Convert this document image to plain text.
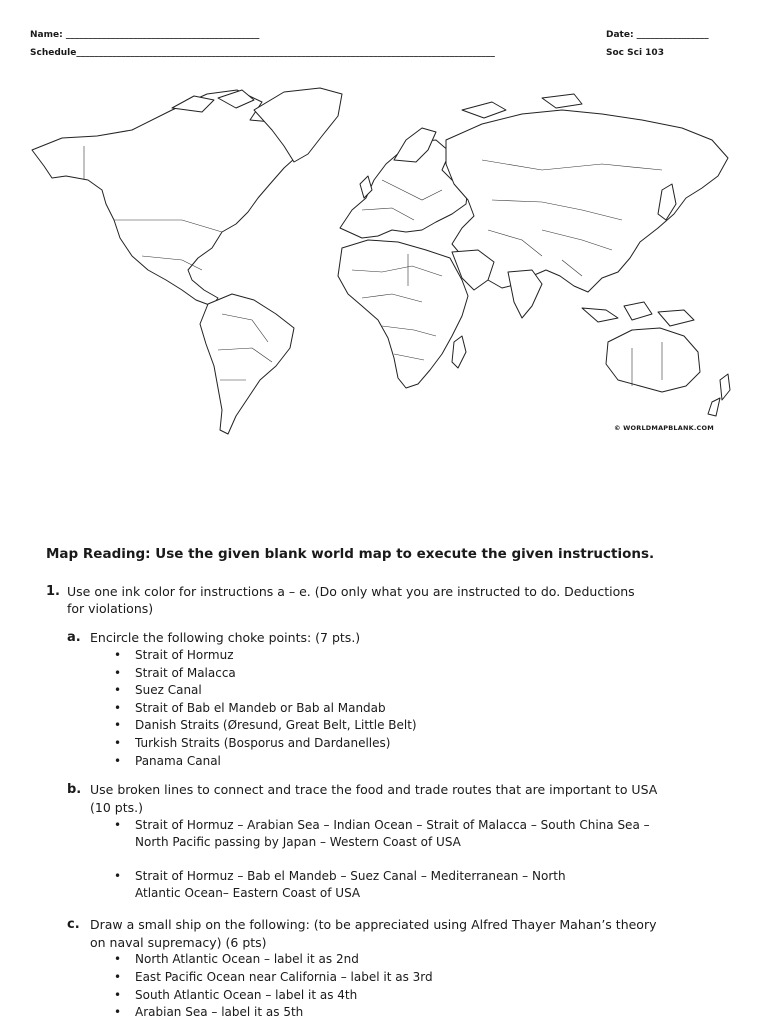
Name: ___________________________________________	Date: ________________
Schedule_____________________________________________________________________________________________	Soc Sci 103
© WORLDMAPBLANK.COM
Map Reading: Use the given blank world map to execute the given instructions.
1. Use one ink color for instructions a – e. (Do only what you are instructed to do. Deductions
for violations)
a. Encircle the following choke points: (7 pts.)
• Strait of Hormuz
• Strait of Malacca
• Suez Canal
• Strait of Bab el Mandeb or Bab al Mandab
• Danish Straits (Øresund, Great Belt, Little Belt)
• Turkish Straits (Bosporus and Dardanelles)
• Panama Canal
b. Use broken lines to connect and trace the food and trade routes that are important to USA
(10 pts.)
• Strait of Hormuz – Arabian Sea – Indian Ocean – Strait of Malacca – South China Sea –
North Pacific passing by Japan – Western Coast of USA
• Strait of Hormuz – Bab el Mandeb – Suez Canal – Mediterranean – North
Atlantic Ocean– Eastern Coast of USA
c. Draw a small ship on the following: (to be appreciated using Alfred Thayer Mahan’s theory
on naval supremacy) (6 pts)
• North Atlantic Ocean – label it as 2nd
• East Pacific Ocean near California – label it as 3rd
• South Atlantic Ocean – label it as 4th
• Arabian Sea – label it as 5th
